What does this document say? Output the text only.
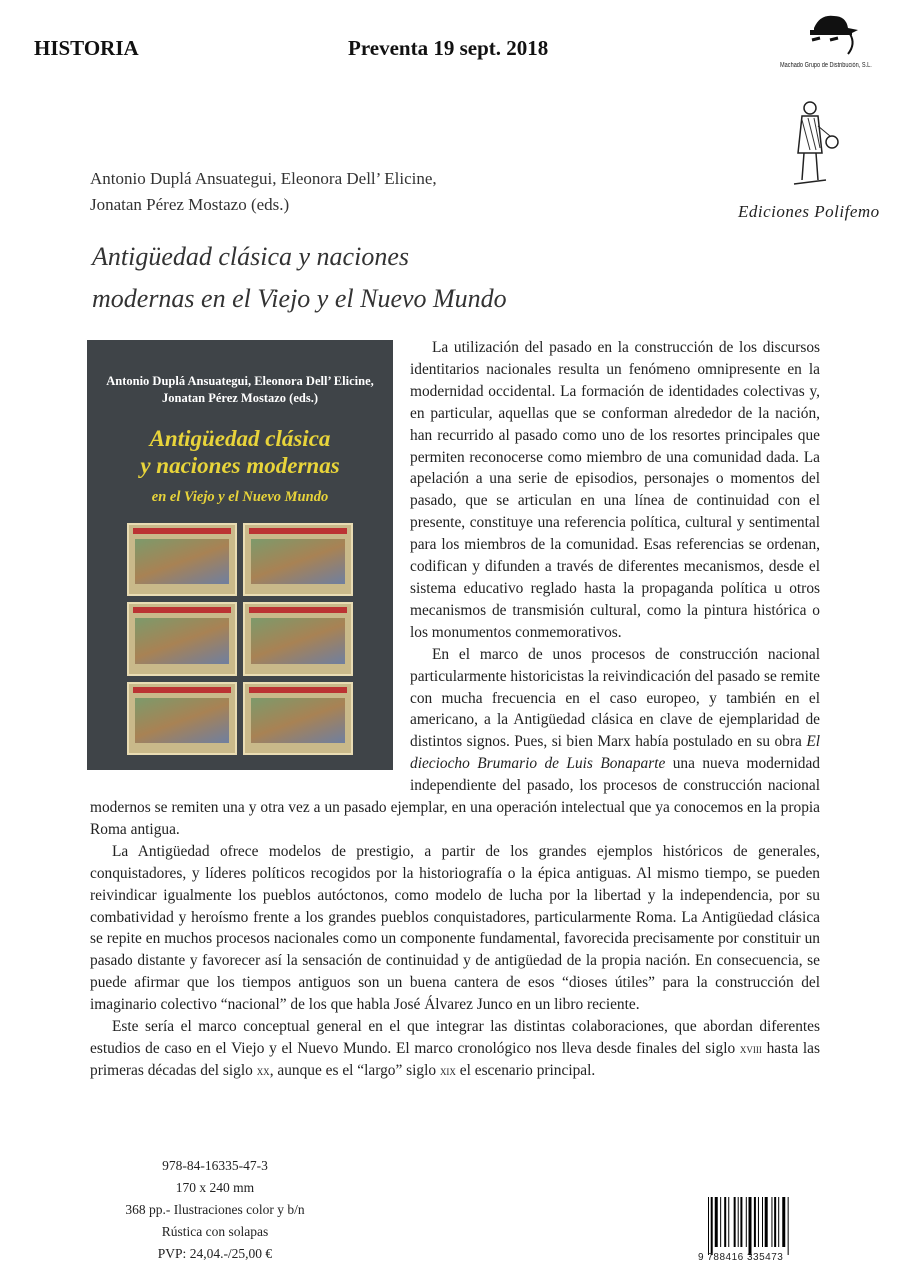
HISTORIA	Preventa 19 sept. 2018
Machado Grupo de Distribución, S.L.
Ediciones Polifemo
Antonio Duplá Ansuategui, Eleonora Dell’ Elicine,
Jonatan Pérez Mostazo (eds.)
Antigüedad clásica y naciones
modernas en el Viejo y el Nuevo Mundo
Antonio Duplá Ansuategui, Eleonora Dell’ Elicine,
Jonatan Pérez Mostazo (eds.)
Antigüedad clásica
y naciones modernas
en el Viejo y el Nuevo Mundo

La utilización del pasado en la construcción de los discursos identitarios nacionales resulta un fenómeno omnipresente en la modernidad occidental. La formación de identidades colectivas y, en particular, aquellas que se conforman alrededor de la nación, han recurrido al pasado como uno de los resortes principales que permiten reconocerse como miembro de una comunidad dada. La apelación a una serie de episodios, personajes o momentos del pasado, que se articulan en una línea de continuidad con el presente, constituye una referencia política, cultural y sentimental para los miembros de la comunidad. Esas referencias se ordenan, codifican y difunden a través de diferentes mecanismos, desde el sistema educativo reglado hasta la propaganda política u otros mecanismos de transmisión cultural, como la pintura histórica o los monumentos conmemorativos.

En el marco de unos procesos de construcción nacional particularmente historicistas la reivindicación del pasado se remite con mucha frecuencia en el caso europeo, y también en el americano, a la Antigüedad clásica en clave de ejemplaridad de distintos signos. Pues, si bien Marx había postulado en su obra El dieciocho Brumario de Luis Bonaparte una nueva modernidad independiente del pasado, los procesos de construcción nacional modernos se remiten una y otra vez a un pasado ejemplar, en una operación intelectual que ya conocemos en la propia Roma antigua.

La Antigüedad ofrece modelos de prestigio, a partir de los grandes ejemplos históricos de generales, conquistadores, y líderes políticos recogidos por la historiografía o la épica antiguas. Al mismo tiempo, se pueden reivindicar igualmente los pueblos autóctonos, como modelo de lucha por la libertad y la independencia, por su combatividad y heroísmo frente a los grandes pueblos conquistadores, particularmente Roma. La Antigüedad clásica se repite en muchos procesos nacionales como un componente fundamental, favorecida precisamente por constituir un pasado distante y favorecer así la sensación de continuidad y de antigüedad de la propia nación. En consecuencia, se puede afirmar que los tiempos antiguos son un buena cantera de esos “dioses útiles” para la construcción del imaginario colectivo “nacional” de los que habla José Álvarez Junco en un libro reciente.

Este sería el marco conceptual general en el que integrar las distintas colaboraciones, que abordan diferentes estudios de caso en el Viejo y el Nuevo Mundo. El marco cronológico nos lleva desde finales del siglo xviii hasta las primeras décadas del siglo xx, aunque es el “largo” siglo xix el escenario principal.

978-84-16335-47-3
170 x 240 mm
368 pp.- Ilustraciones color y b/n
Rústica con solapas
PVP: 24,04.-/25,00 €	9 788416 335473
